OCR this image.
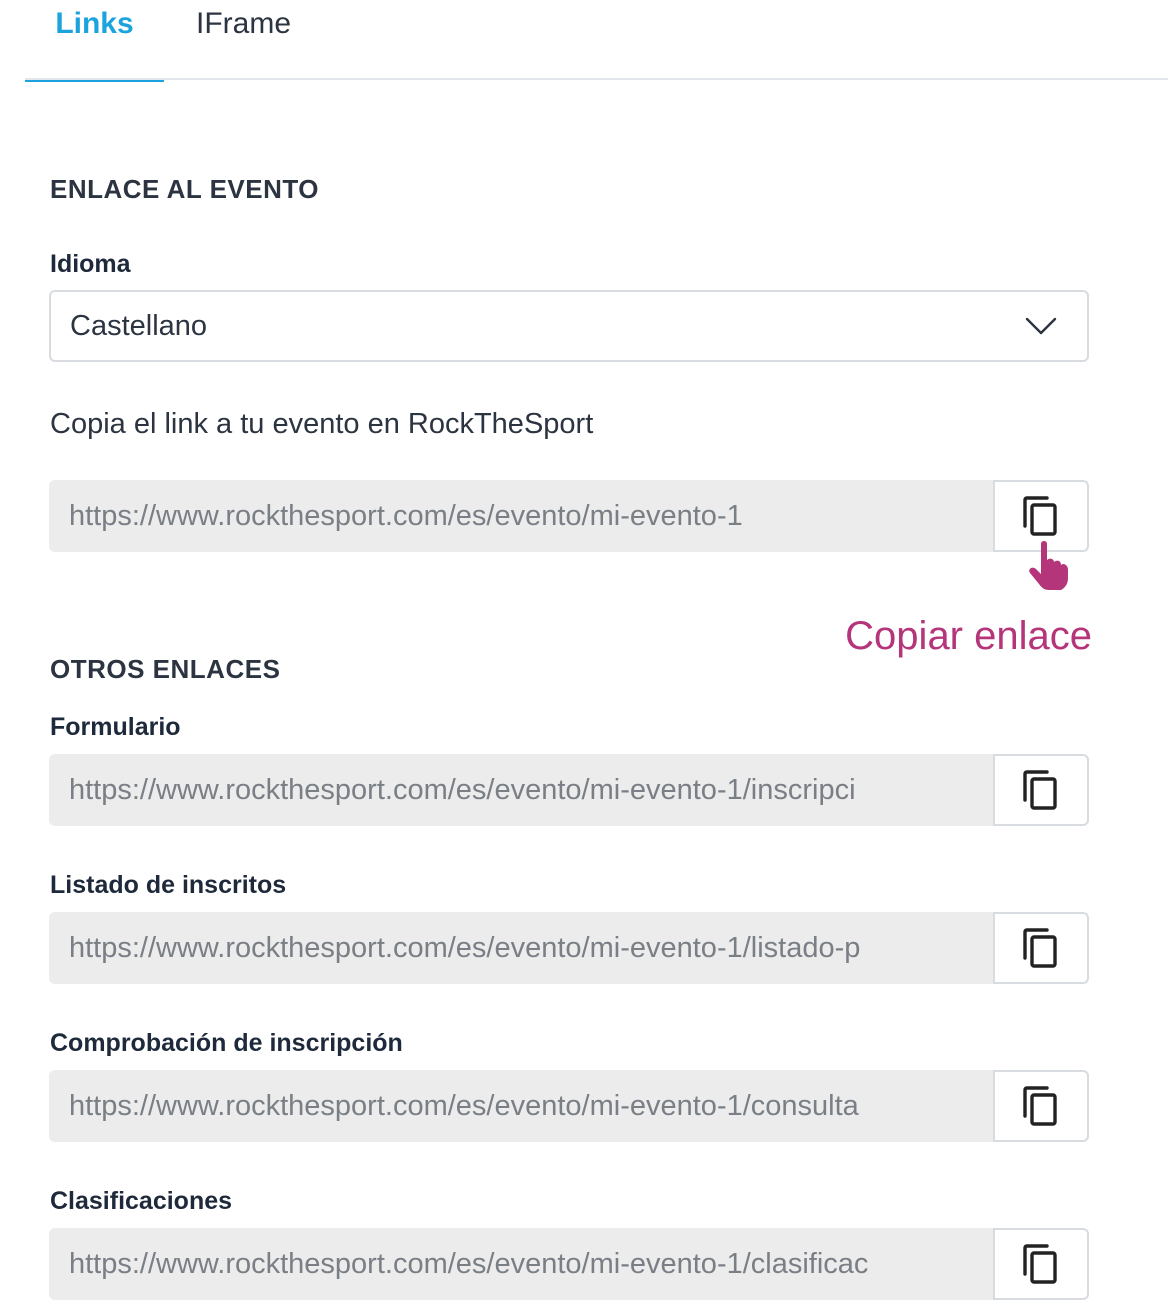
Links	IFrame
ENLACE AL EVENTO
Idioma
Castellano
Copia el link a tu evento en RockTheSport
https://www.rockthesport.com/es/evento/mi-evento-1
Copiar enlace
OTROS ENLACES
Formulario
https://www.rockthesport.com/es/evento/mi-evento-1/inscripci
Listado de inscritos
https://www.rockthesport.com/es/evento/mi-evento-1/listado-p
Comprobación de inscripción
https://www.rockthesport.com/es/evento/mi-evento-1/consulta
Clasificaciones
https://www.rockthesport.com/es/evento/mi-evento-1/clasificac
